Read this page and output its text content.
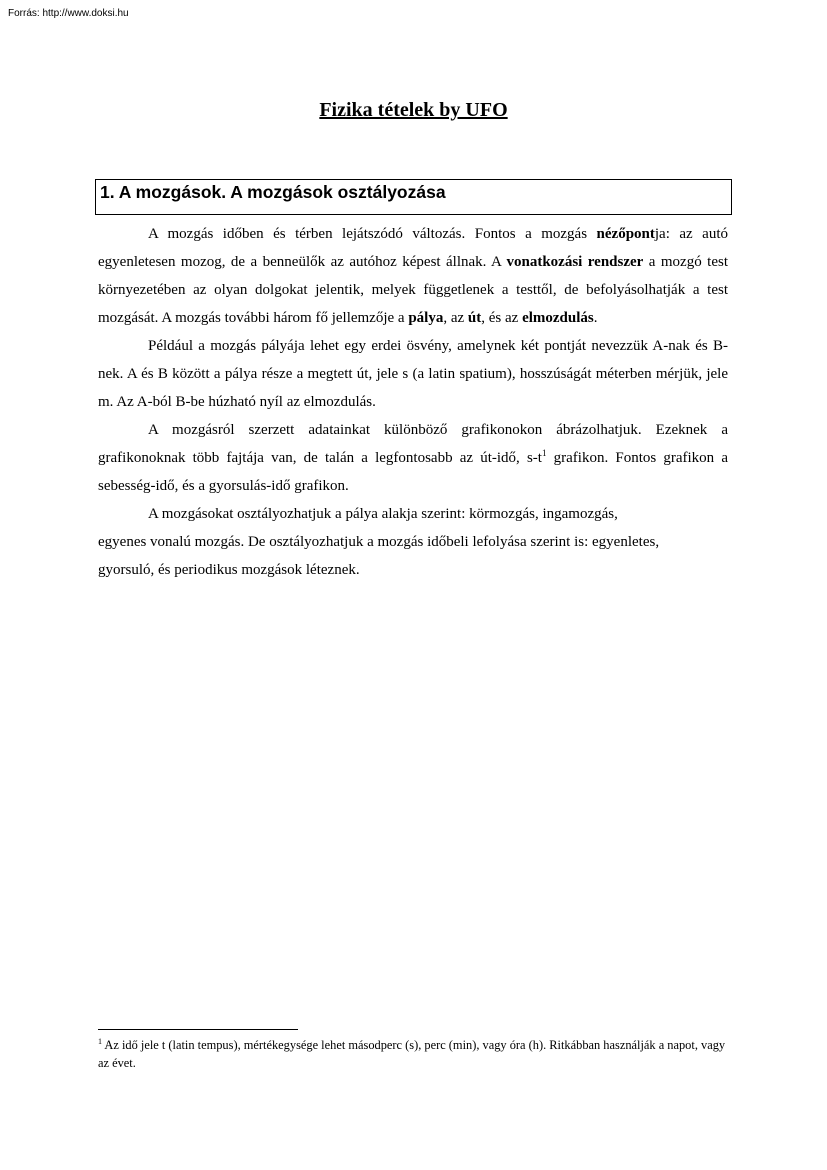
Forrás: http://www.doksi.hu
Fizika tételek by UFO
1. A mozgások. A mozgások osztályozása

A mozgás időben és térben lejátszódó változás. Fontos a mozgás nézőpontja: az autó egyenletesen mozog, de a benneülők az autóhoz képest állnak. A vonatkozási rendszer a mozgó test környezetében az olyan dolgokat jelentik, melyek függetlenek a testtől, de befolyásolhatják a test mozgását. A mozgás további három fő jellemzője a pálya, az út, és az elmozdulás.

Például a mozgás pályája lehet egy erdei ösvény, amelynek két pontját nevezzük A-nak és B-nek. A és B között a pálya része a megtett út, jele s (a latin spatium), hosszúságát méterben mérjük, jele m. Az A-ból B-be húzható nyíl az elmozdulás.

A mozgásról szerzett adatainkat különböző grafikonokon ábrázolhatjuk. Ezeknek a grafikonoknak több fajtája van, de talán a legfontosabb az út-idő, s-t$^1$ grafikon. Fontos grafikon a sebesség-idő, és a gyorsulás-idő grafikon.

A mozgásokat osztályozhatjuk a pálya alakja szerint: körmozgás, ingamozgás,

egyenes vonalú mozgás. De osztályozhatjuk a mozgás időbeli lefolyása szerint is: egyenletes,
gyorsuló, és periodikus mozgások léteznek.
$^1$ Az idő jele t (latin tempus), mértékegysége lehet másodperc (s), perc (min), vagy óra (h). Ritkábban használják a napot, vagy az évet.
